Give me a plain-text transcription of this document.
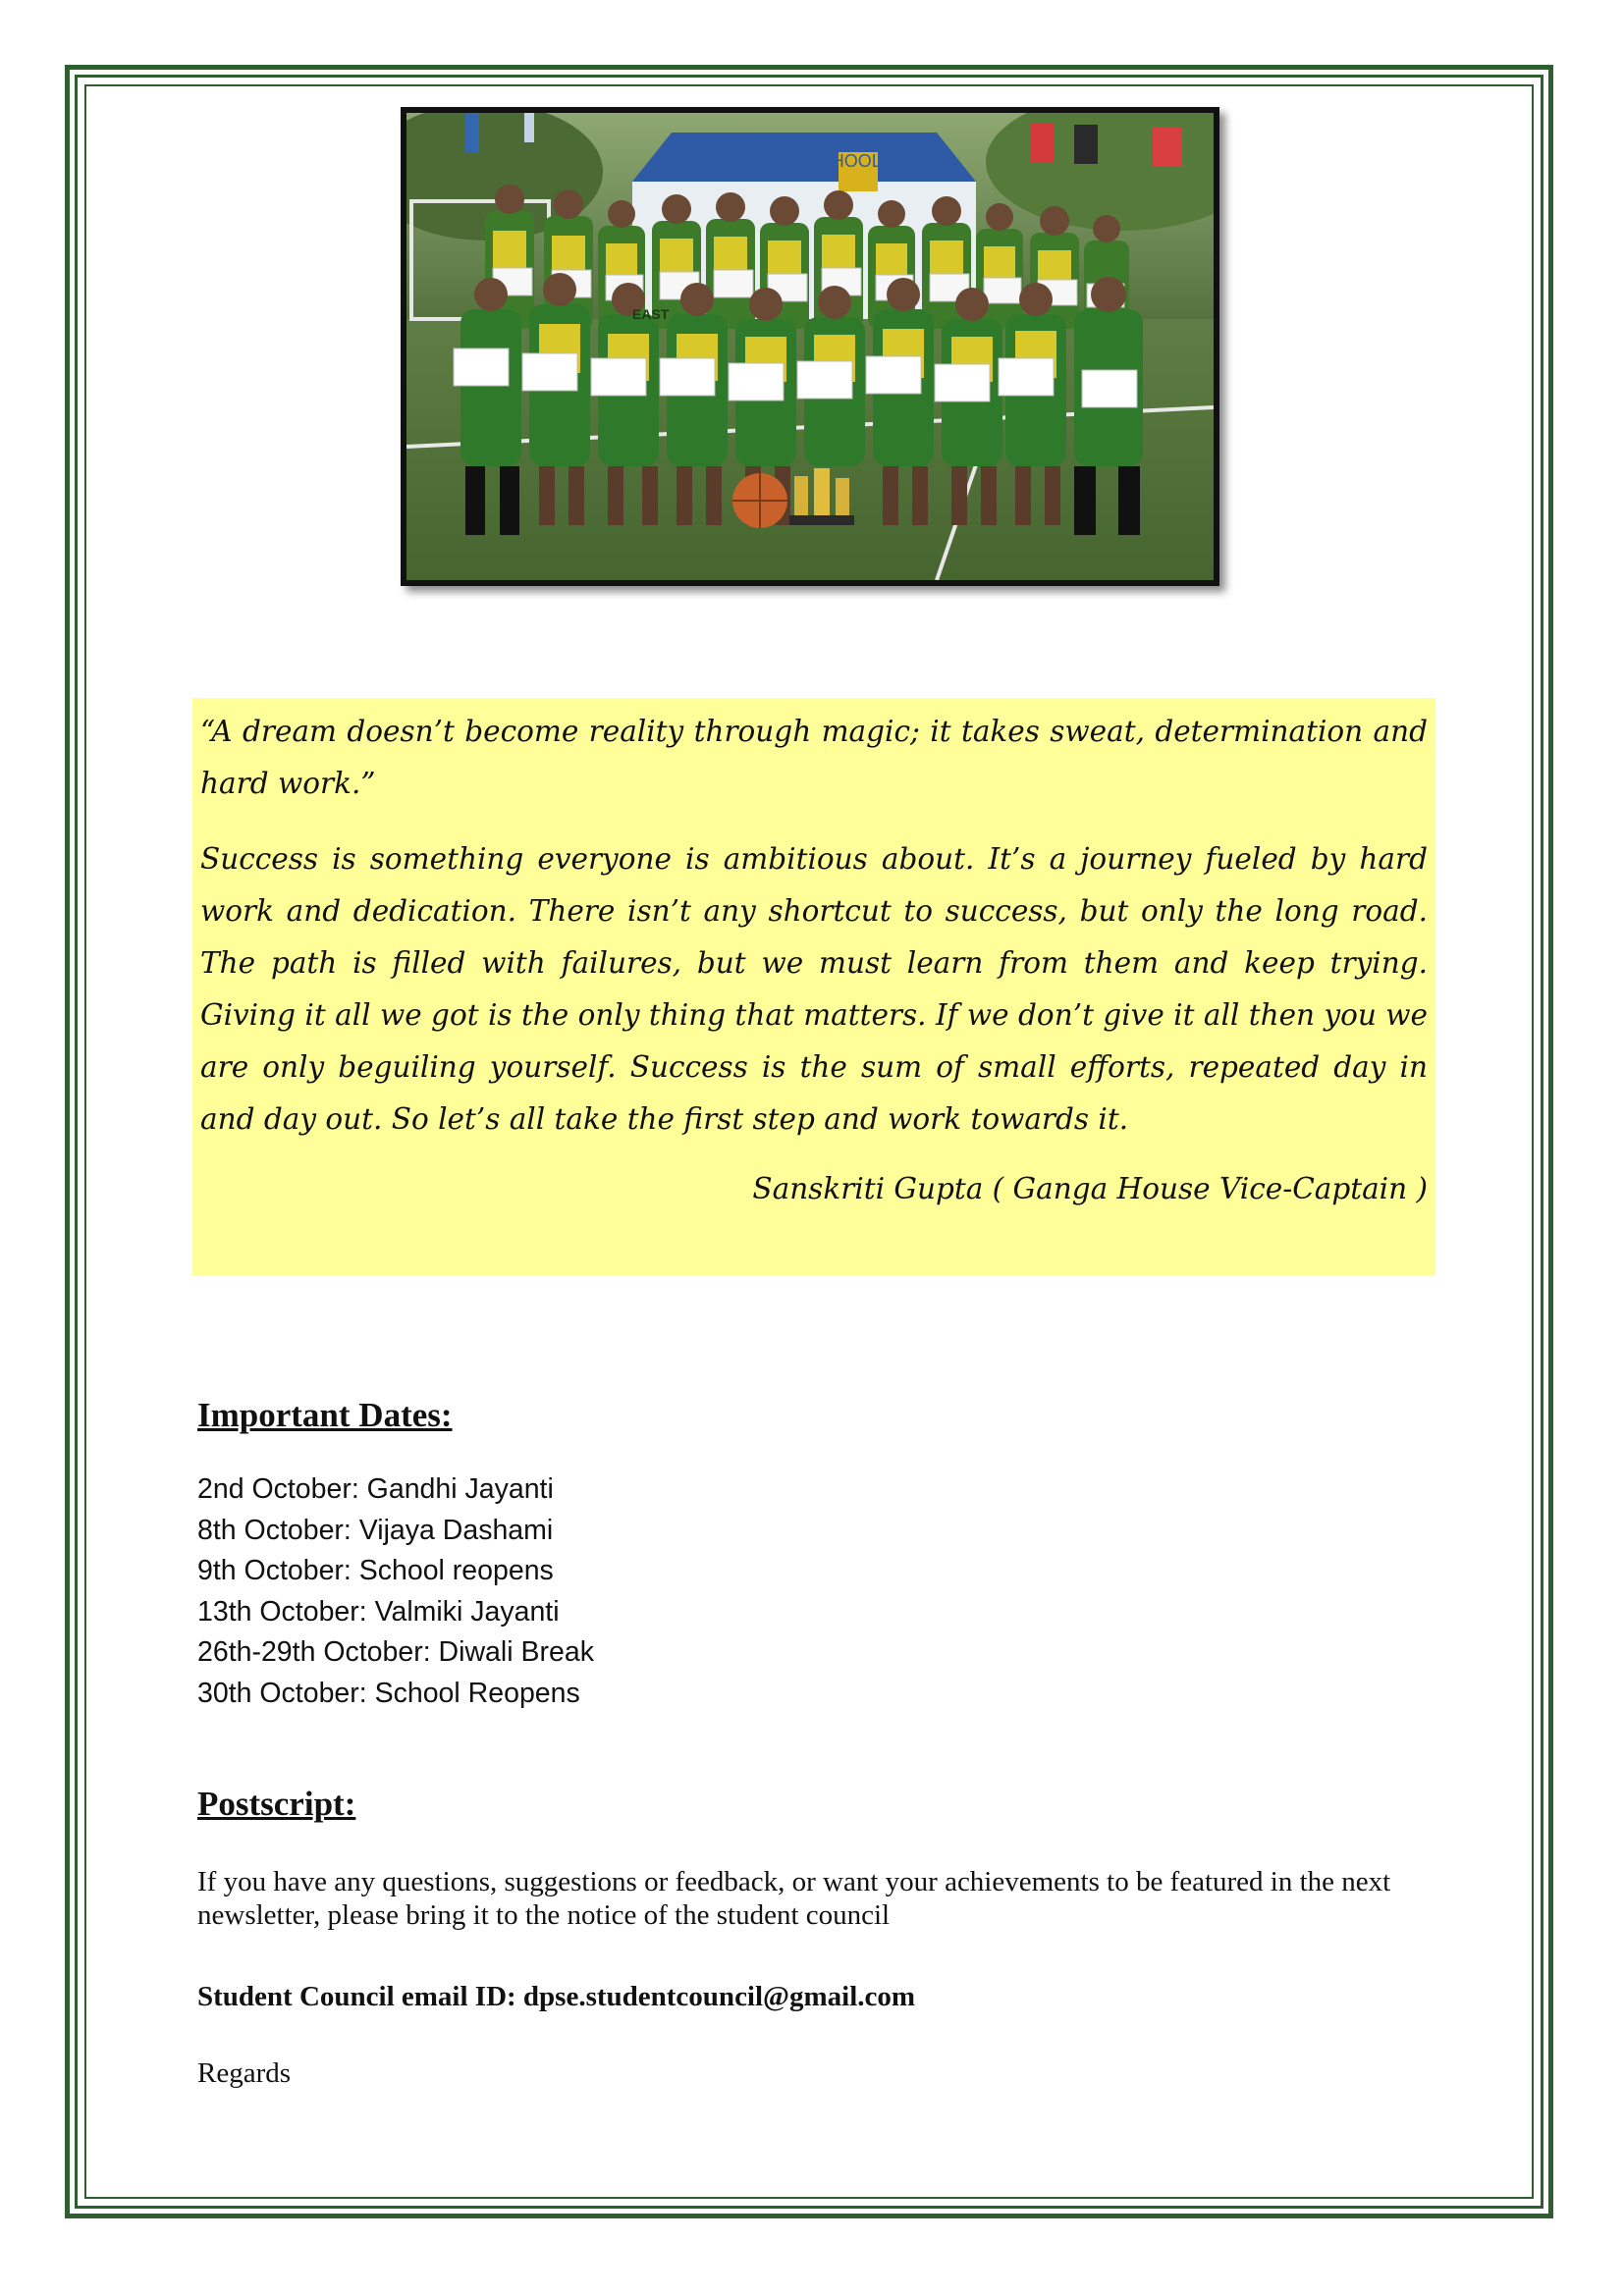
LEGACY SCHOOL
EAST

“A dream doesn’t become reality through magic; it takes sweat, determination and hard work.”

Success is something everyone is ambitious about. It’s a journey fueled by hard work and dedication. There isn’t any shortcut to success, but only the long road. The path is filled with failures, but we must learn from them and keep trying. Giving it all we got is the only thing that matters. If we don’t give it all then you we are only beguiling yourself. Success is the sum of small efforts, repeated day in and day out. So let’s all take the first step and work towards it.

Sanskriti Gupta ( Ganga House Vice-Captain )

Important Dates:
2nd October: Gandhi Jayanti
8th October: Vijaya Dashami
9th October: School reopens
13th October: Valmiki Jayanti
26th-29th October: Diwali Break
30th October: School Reopens
Postscript:

If you have any questions, suggestions or feedback, or want your achievements to be featured in the next newsletter, please bring it to the notice of the student council

Student Council email ID: dpse.studentcouncil@gmail.com

Regards
